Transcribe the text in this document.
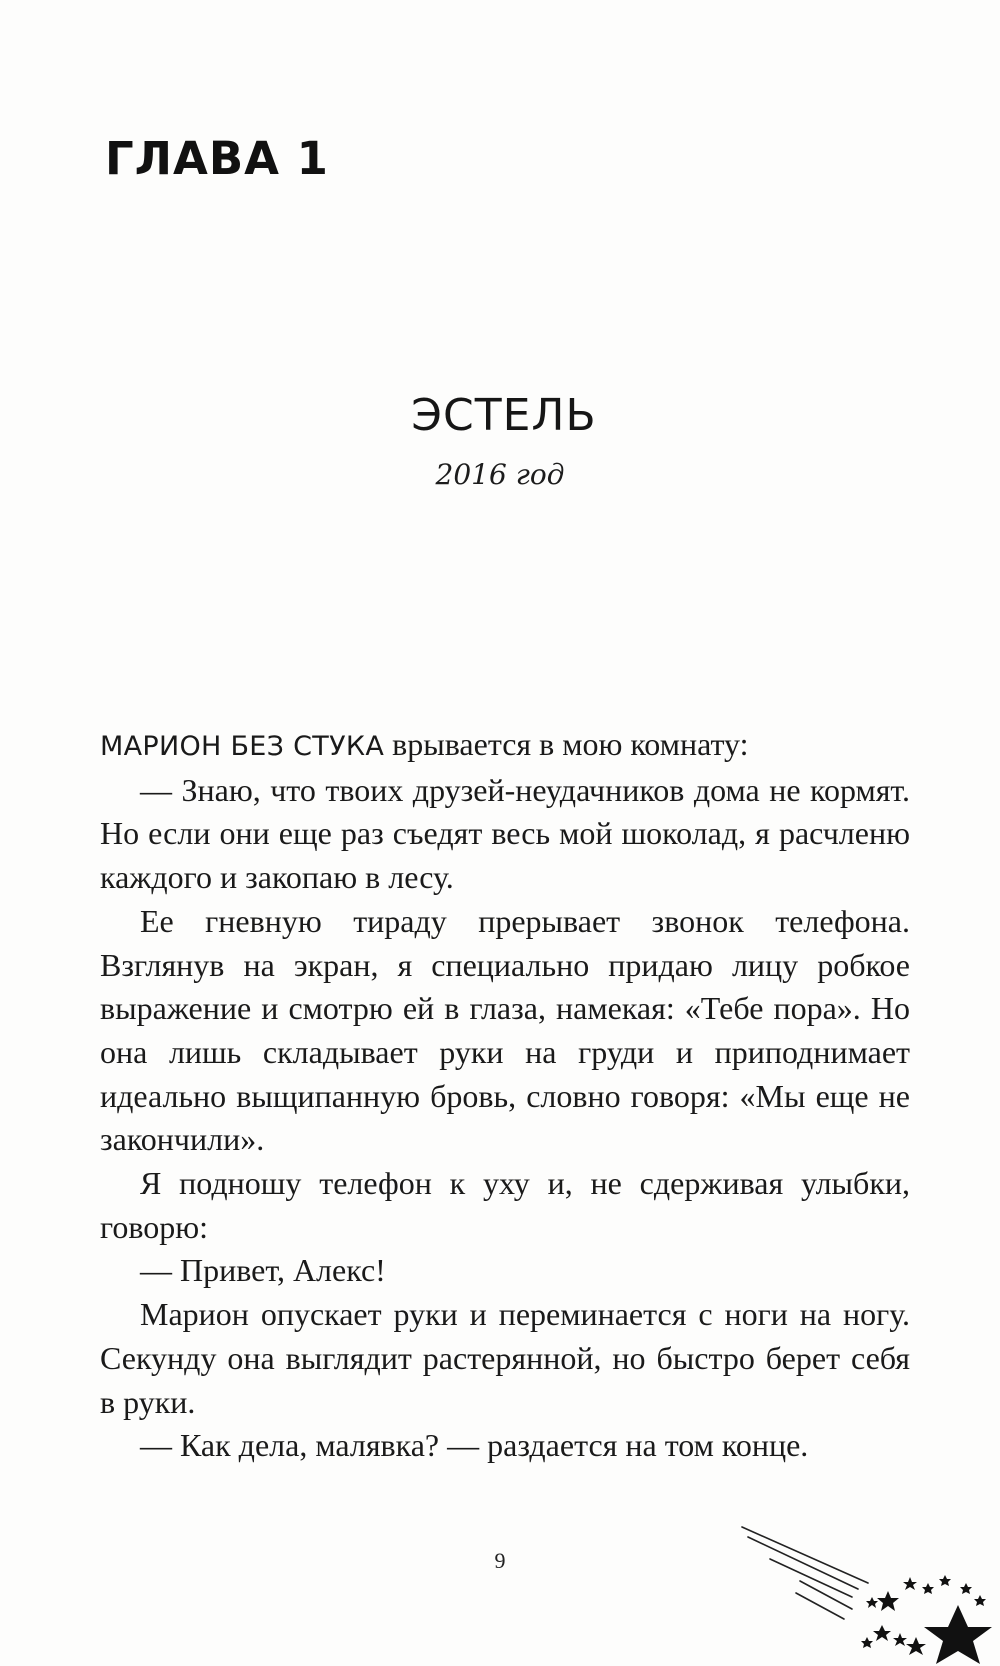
ГЛАВА 1
ЭСТЕЛЬ
2016 год

МАРИОН БЕЗ СТУКА врывается в мою комнату:

— Знаю, что твоих друзей-неудачников дома не кормят. Но если они еще раз съедят весь мой шоколад, я расчленю каждого и закопаю в лесу.

Ее гневную тираду прерывает звонок телефона. Взглянув на экран, я специально придаю лицу робкое выражение и смотрю ей в глаза, намекая: «Тебе пора». Но она лишь складывает руки на груди и приподнимает идеально выщипанную бровь, словно говоря: «Мы еще не закончили».

Я подношу телефон к уху и, не сдерживая улыбки, говорю:

— Привет, Алекс!

Марион опускает руки и переминается с ноги на ногу. Секунду она выглядит растерянной, но быстро берет себя в руки.

— Как дела, малявка? — раздается на том конце.

9
